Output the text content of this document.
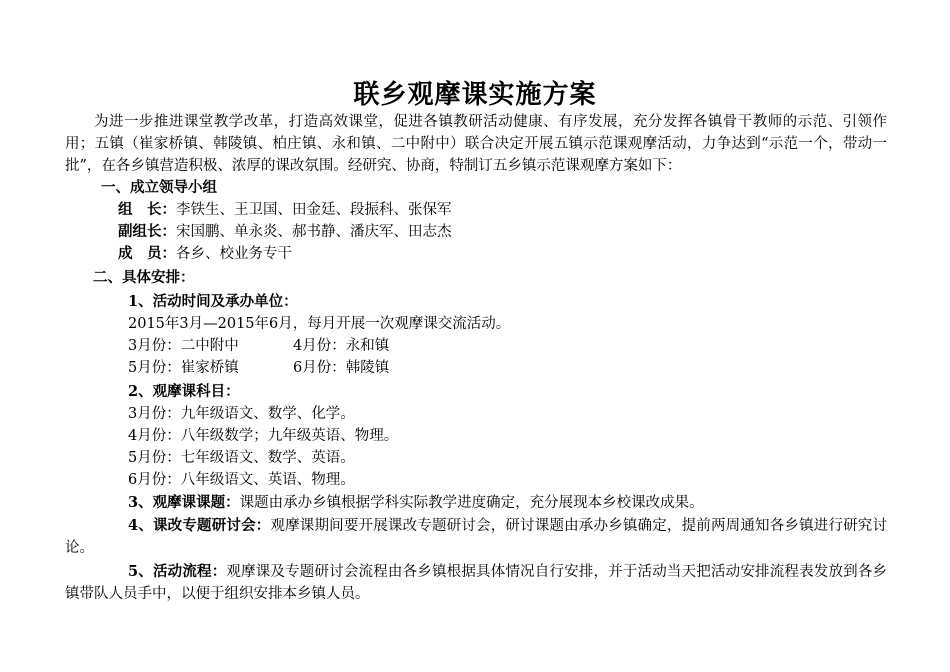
联乡观摩课实施方案
为进一步推进课堂教学改革，打造高效课堂，促进各镇教研活动健康、有序发展，充分发挥各镇骨干教师的示范、引领作用；五镇（崔家桥镇、韩陵镇、柏庄镇、永和镇、二中附中）联合决定开展五镇示范课观摩活动，力争达到“示范一个，带动一批”，在各乡镇营造积极、浓厚的课改氛围。经研究、协商，特制订五乡镇示范课观摩方案如下：
一、成立领导小组
组　长：李铁生、王卫国、田金廷、段振科、张保军
副组长：宋国鹏、单永炎、郝书静、潘庆军、田志杰
成　员：各乡、校业务专干
二、具体安排：
1、活动时间及承办单位：
2015年3月—2015年6月，每月开展一次观摩课交流活动。
3月份：二中附中	4月份：永和镇
5月份：崔家桥镇	6月份：韩陵镇
2、观摩课科目：
3月份：九年级语文、数学、化学。
4月份：八年级数学；九年级英语、物理。
5月份：七年级语文、数学、英语。
6月份：八年级语文、英语、物理。
3、观摩课课题：课题由承办乡镇根据学科实际教学进度确定，充分展现本乡校课改成果。
4、课改专题研讨会：观摩课期间要开展课改专题研讨会，研讨课题由承办乡镇确定，提前两周通知各乡镇进行研究讨论。
5、活动流程：观摩课及专题研讨会流程由各乡镇根据具体情况自行安排，并于活动当天把活动安排流程表发放到各乡镇带队人员手中，以便于组织安排本乡镇人员。
